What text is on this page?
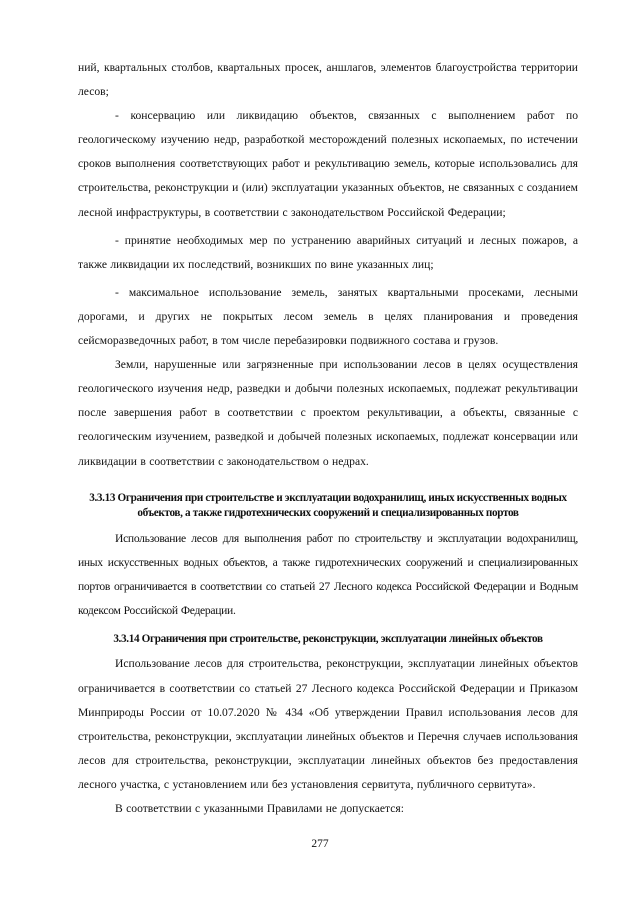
ний, квартальных столбов, квартальных просек, аншлагов, элементов благоустройства территории лесов;

- консервацию или ликвидацию объектов, связанных с выполнением работ по геологическому изучению недр, разработкой месторождений полезных ископаемых, по истечении сроков выполнения соответствующих работ и рекультивацию земель, которые использовались для строительства, реконструкции и (или) эксплуатации указанных объектов, не связанных с созданием лесной инфраструктуры, в соответствии с законодательством Российской Федерации;

- принятие необходимых мер по устранению аварийных ситуаций и лесных пожаров, а также ликвидации их последствий, возникших по вине указанных лиц;

- максимальное использование земель, занятых квартальными просеками, лесными дорогами, и других не покрытых лесом земель в целях планирования и проведения сейсморазведочных работ, в том числе перебазировки подвижного состава и грузов.

Земли, нарушенные или загрязненные при использовании лесов в целях осуществления геологического изучения недр, разведки и добычи полезных ископаемых, подлежат рекультивации после завершения работ в соответствии с проектом рекультивации, а объекты, связанные с геологическим изучением, разведкой и добычей полезных ископаемых, подлежат консервации или ликвидации в соответствии с законодательством о недрах.

3.3.13 Ограничения при строительстве и эксплуатации водохранилищ, иных искусственных водных объектов, а также гидротехнических сооружений и специализированных портов

Использование лесов для выполнения работ по строительству и эксплуатации водохранилищ, иных искусственных водных объектов, а также гидротехнических сооружений и специализированных портов ограничивается в соответствии со статьей 27 Лесного кодекса Российской Федерации и Водным кодексом Российской Федерации.

3.3.14 Ограничения при строительстве, реконструкции, эксплуатации линейных объектов

Использование лесов для строительства, реконструкции, эксплуатации линейных объектов ограничивается в соответствии со статьей 27 Лесного кодекса Российской Федерации и Приказом Минприроды России от 10.07.2020 № 434 «Об утверждении Правил использования лесов для строительства, реконструкции, эксплуатации линейных объектов и Перечня случаев использования лесов для строительства, реконструкции, эксплуатации линейных объектов без предоставления лесного участка, с установлением или без установления сервитута, публичного сервитута».

В соответствии с указанными Правилами не допускается:

277
